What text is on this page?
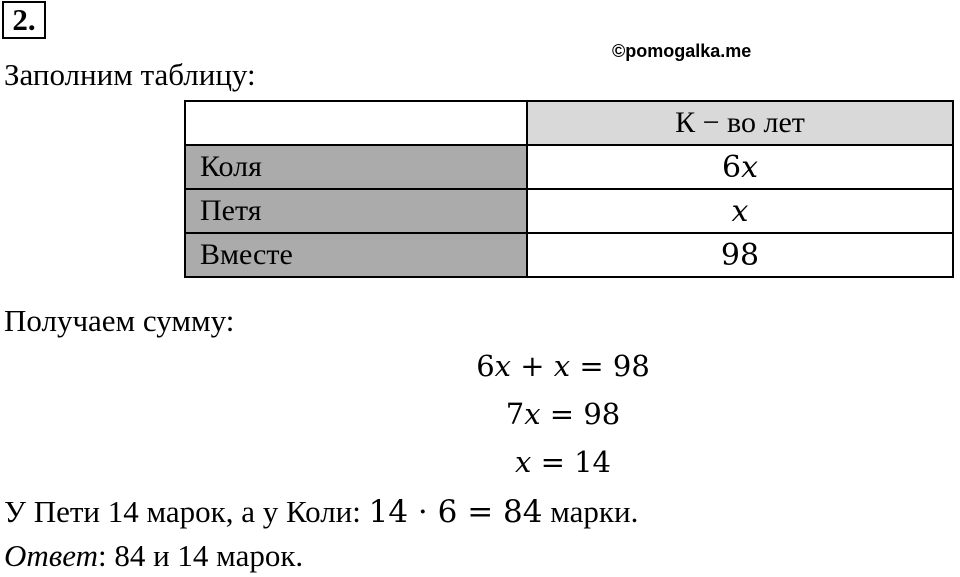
2.
©pomogalka.me
Заполним таблицу:
	К − во лет
Коля	6x
Петя	x
Вместе	98
Получаем сумму:
6x + x = 98
7x = 98
x = 14
У Пети 14 марок, а у Коли: 14 · 6 = 84 марки.
Ответ: 84 и 14 марок.
